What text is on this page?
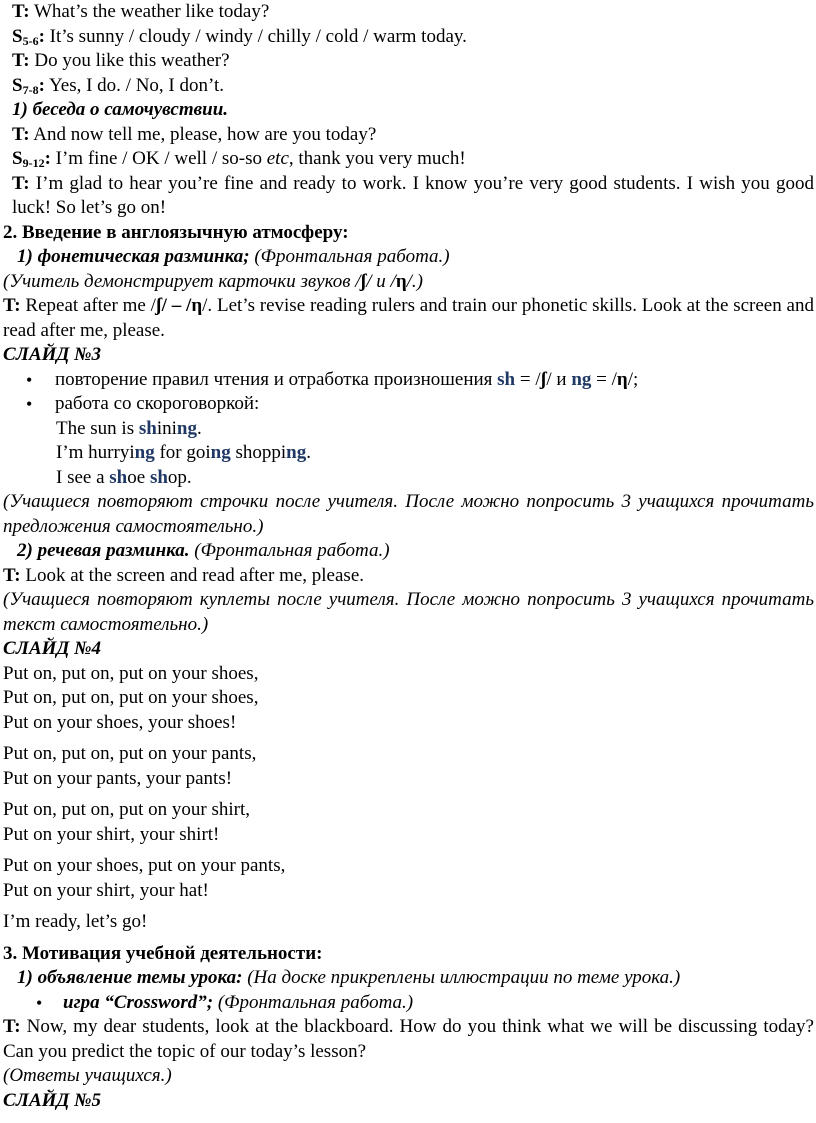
T: What’s the weather like today?
$S_{5-6}$: It’s sunny / cloudy / windy / chilly / cold / warm today.
T: Do you like this weather?
$S_{7-8}$: Yes, I do. / No, I don’t.
1) беседа о самочувствии.
T: And now tell me, please, how are you today?
$S_{9-12}$: I’m fine / OK / well / so-so etc, thank you very much!
T: I’m glad to hear you’re fine and ready to work. I know you’re very good students. I wish you good luck! So let’s go on!
2. Введение в англоязычную атмосферу:
1) фонетическая разминка; (Фронтальная работа.)
(Учитель демонстрирует карточки звуков /ʃ/ и /η/.)
T: Repeat after me /ʃ/ – /η/. Let’s revise reading rulers and train our phonetic skills. Look at the screen and read after me, please.
СЛАЙД №3
• повторение правил чтения и отработка произношения sh = /ʃ/ и ng = /η/;
• работа со скороговоркой:
The sun is shining.
I’m hurrying for going shopping.
I see a shoe shop.
(Учащиеся повторяют строчки после учителя. После можно попросить 3 учащихся прочитать предложения самостоятельно.)
2) речевая разминка. (Фронтальная работа.)
T: Look at the screen and read after me, please.
(Учащиеся повторяют куплеты после учителя. После можно попросить 3 учащихся прочитать текст самостоятельно.)
СЛАЙД №4
Put on, put on, put on your shoes,
Put on, put on, put on your shoes,
Put on your shoes, your shoes!
Put on, put on, put on your pants,
Put on your pants, your pants!
Put on, put on, put on your shirt,
Put on your shirt, your shirt!
Put on your shoes, put on your pants,
Put on your shirt, your hat!
I’m ready, let’s go!
3. Мотивация учебной деятельности:
1) объявление темы урока: (На доске прикреплены иллюстрации по теме урока.)
• игра “Crossword”; (Фронтальная работа.)
T: Now, my dear students, look at the blackboard. How do you think what we will be discussing today? Can you predict the topic of our today’s lesson?
(Ответы учащихся.)
СЛАЙД №5
